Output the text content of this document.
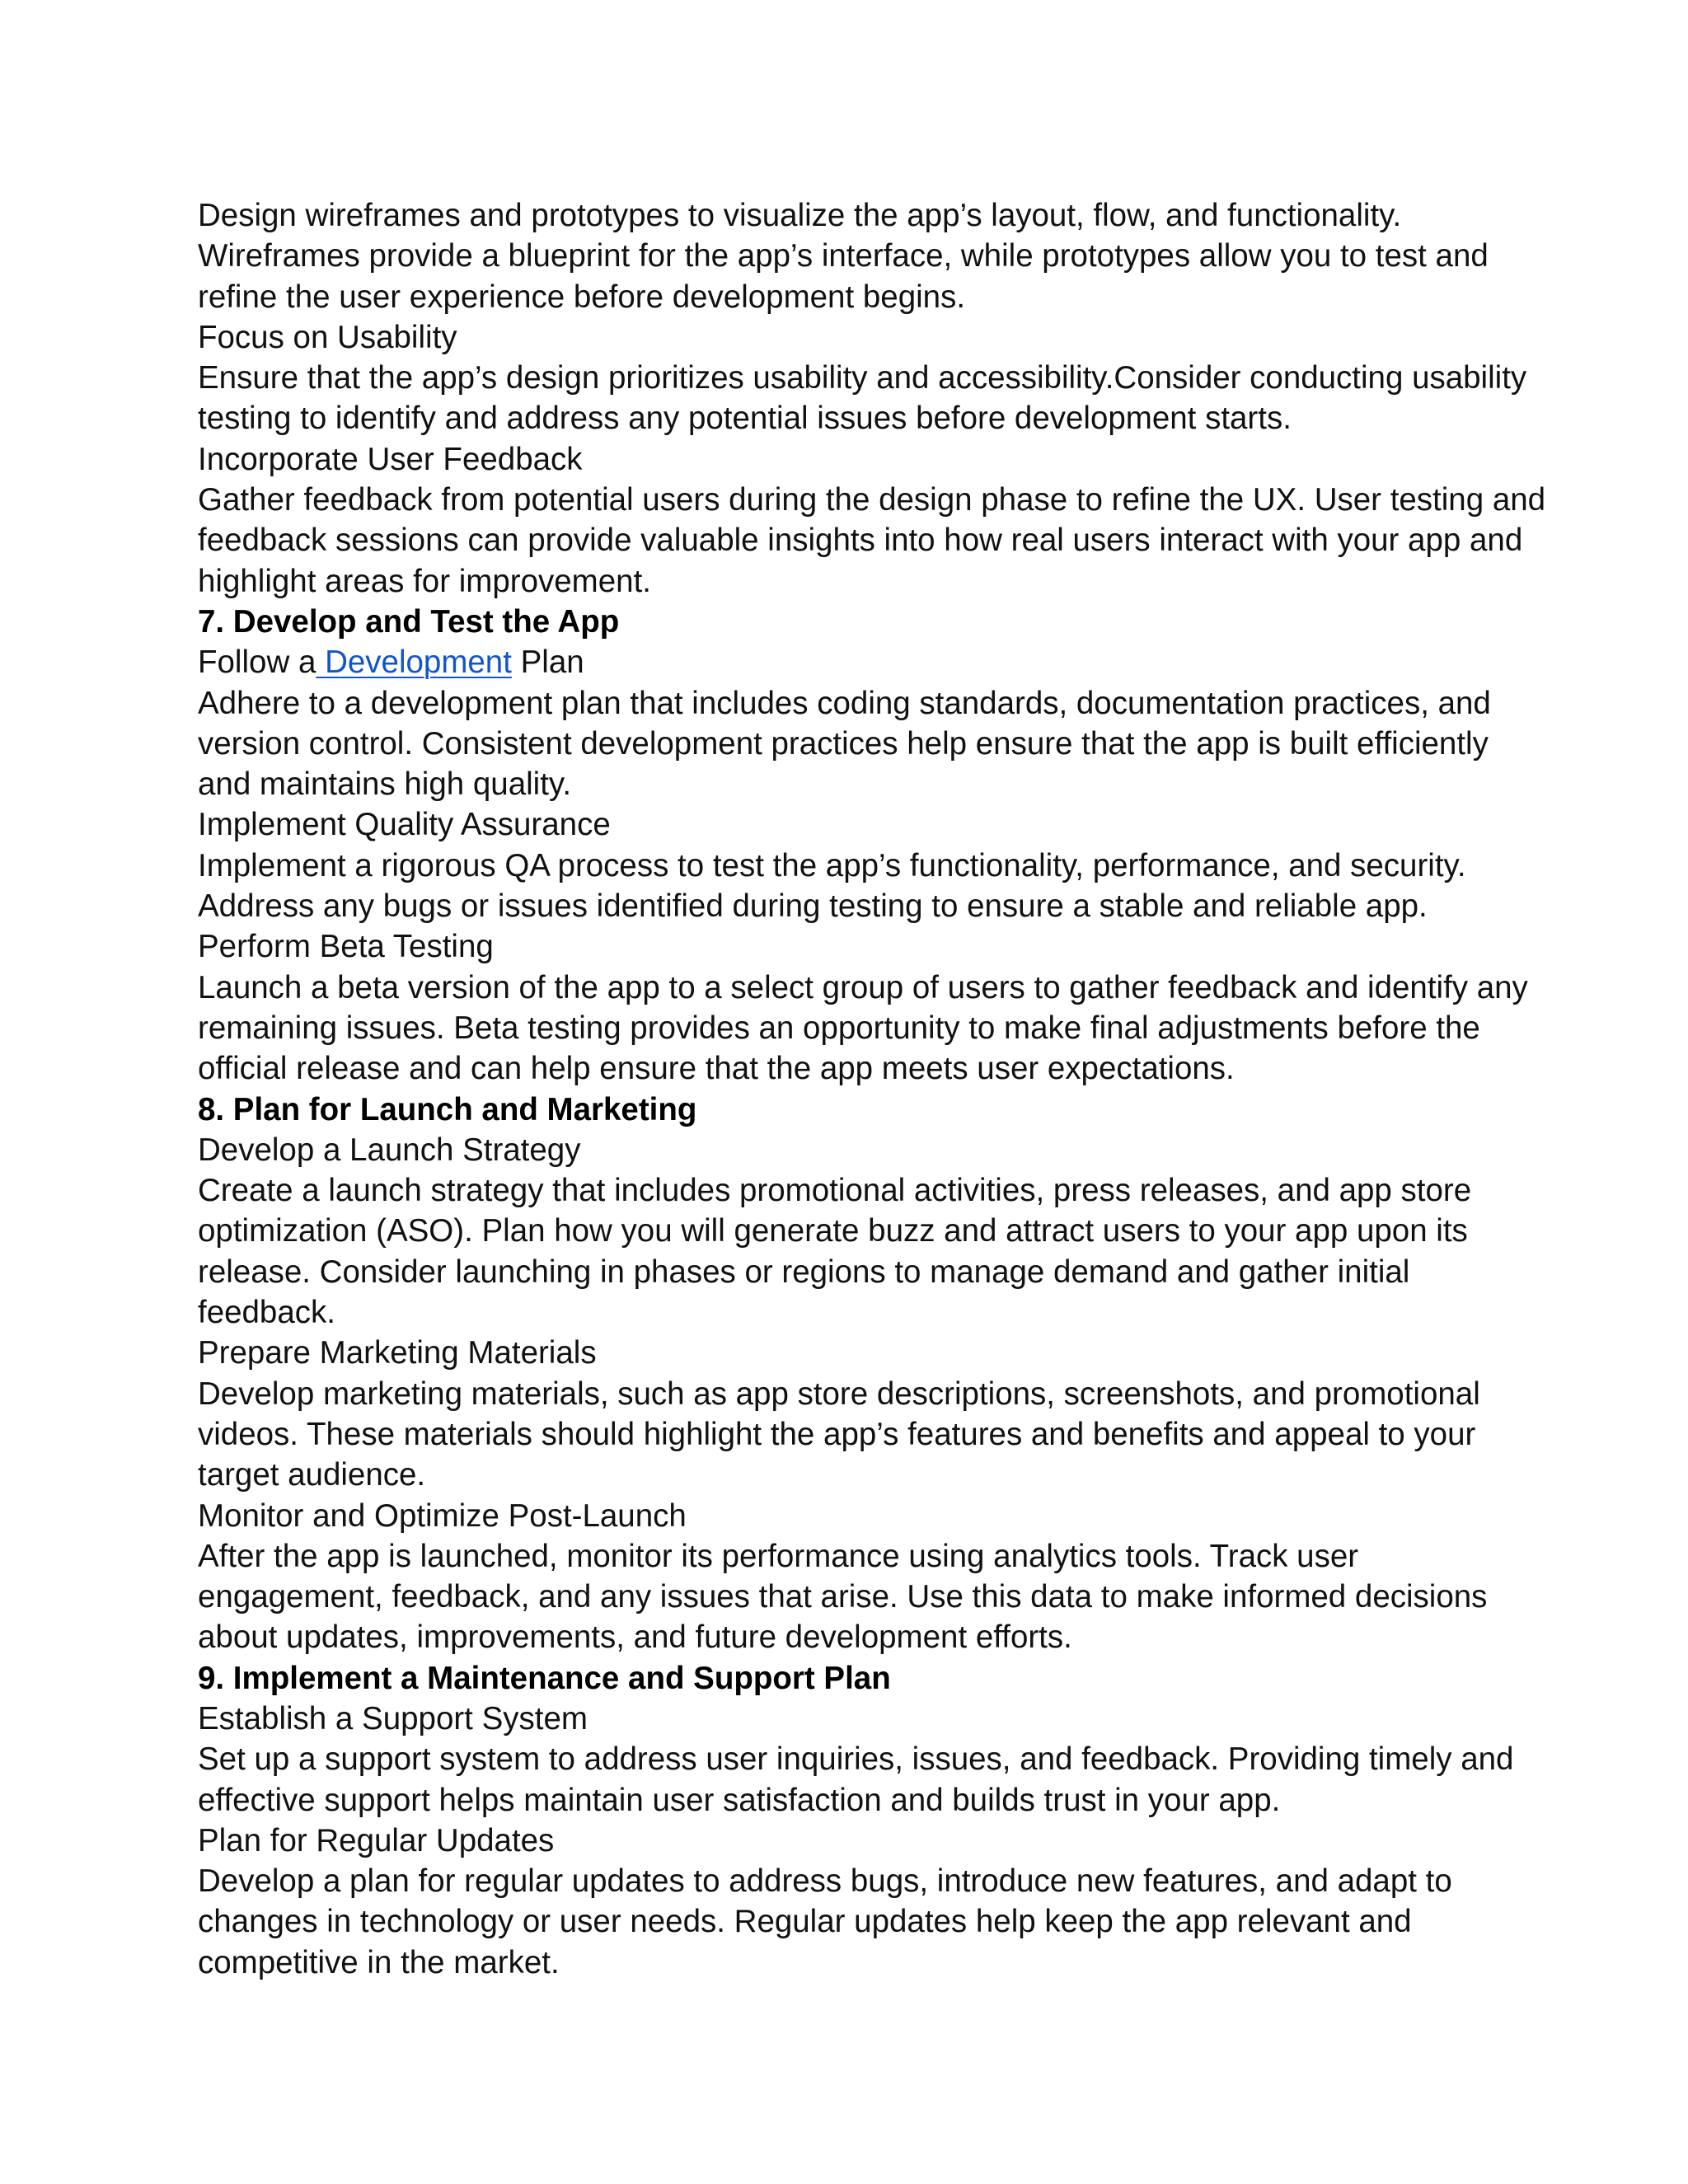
Design wireframes and prototypes to visualize the app’s layout, flow, and functionality.

Wireframes provide a blueprint for the app’s interface, while prototypes allow you to test and

refine the user experience before development begins.

Focus on Usability

Ensure that the app’s design prioritizes usability and accessibility.Consider conducting usability

testing to identify and address any potential issues before development starts.

Incorporate User Feedback

Gather feedback from potential users during the design phase to refine the UX. User testing and

feedback sessions can provide valuable insights into how real users interact with your app and

highlight areas for improvement.

7. Develop and Test the App

Follow a Development Plan

Adhere to a development plan that includes coding standards, documentation practices, and

version control. Consistent development practices help ensure that the app is built efficiently

and maintains high quality.

Implement Quality Assurance

Implement a rigorous QA process to test the app’s functionality, performance, and security.

Address any bugs or issues identified during testing to ensure a stable and reliable app.

Perform Beta Testing

Launch a beta version of the app to a select group of users to gather feedback and identify any

remaining issues. Beta testing provides an opportunity to make final adjustments before the

official release and can help ensure that the app meets user expectations.

8. Plan for Launch and Marketing

Develop a Launch Strategy

Create a launch strategy that includes promotional activities, press releases, and app store

optimization (ASO). Plan how you will generate buzz and attract users to your app upon its

release. Consider launching in phases or regions to manage demand and gather initial

feedback.

Prepare Marketing Materials

Develop marketing materials, such as app store descriptions, screenshots, and promotional

videos. These materials should highlight the app’s features and benefits and appeal to your

target audience.

Monitor and Optimize Post-Launch

After the app is launched, monitor its performance using analytics tools. Track user

engagement, feedback, and any issues that arise. Use this data to make informed decisions

about updates, improvements, and future development efforts.

9. Implement a Maintenance and Support Plan

Establish a Support System

Set up a support system to address user inquiries, issues, and feedback. Providing timely and

effective support helps maintain user satisfaction and builds trust in your app.

Plan for Regular Updates

Develop a plan for regular updates to address bugs, introduce new features, and adapt to

changes in technology or user needs. Regular updates help keep the app relevant and

competitive in the market.
